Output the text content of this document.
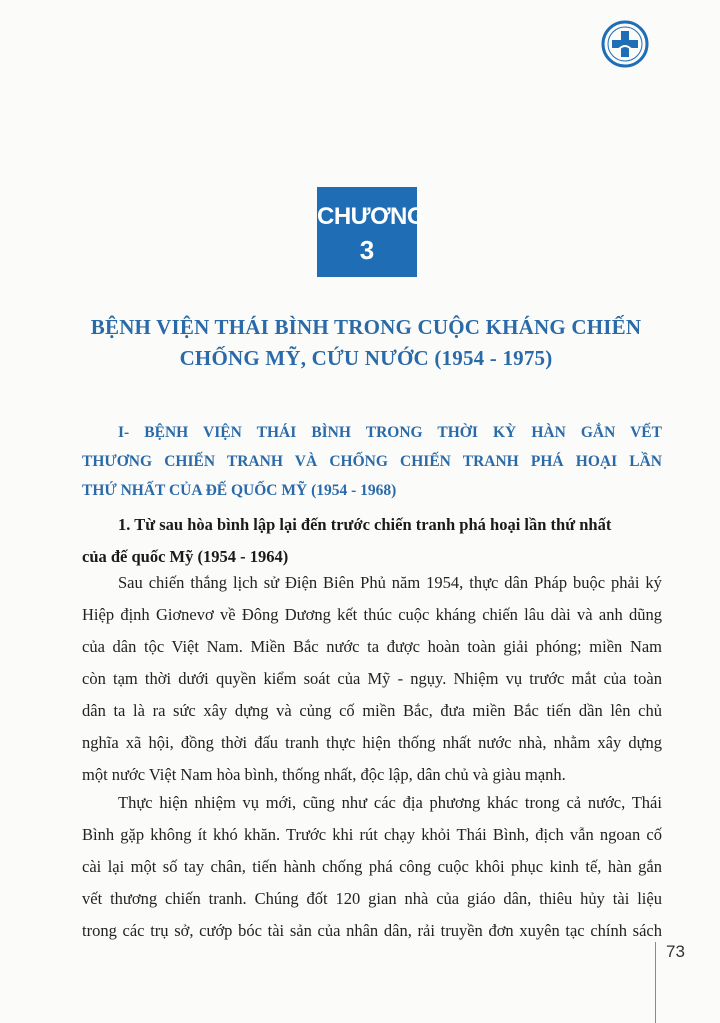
CHƯƠNG
3
BỆNH VIỆN THÁI BÌNH TRONG CUỘC KHÁNG CHIẾN
CHỐNG MỸ, CỨU NƯỚC (1954 - 1975)
I- BỆNH VIỆN THÁI BÌNH TRONG THỜI KỲ HÀN GẮN VẾT
THƯƠNG CHIẾN TRANH VÀ CHỐNG CHIẾN TRANH PHÁ HOẠI LẦN
THỨ NHẤT CỦA ĐẾ QUỐC MỸ (1954 - 1968)
1. Từ sau hòa bình lập lại đến trước chiến tranh phá hoại lần thứ nhất
của đế quốc Mỹ (1954 - 1964)
Sau chiến thắng lịch sử Điện Biên Phủ năm 1954, thực dân Pháp buộc phải ký
Hiệp định Giơnevơ về Đông Dương kết thúc cuộc kháng chiến lâu dài và anh dũng
của dân tộc Việt Nam. Miền Bắc nước ta được hoàn toàn giải phóng; miền Nam
còn tạm thời dưới quyền kiểm soát của Mỹ - ngụy. Nhiệm vụ trước mắt của toàn
dân ta là ra sức xây dựng và củng cố miền Bắc, đưa miền Bắc tiến dần lên chủ
nghĩa xã hội, đồng thời đấu tranh thực hiện thống nhất nước nhà, nhằm xây dựng
một nước Việt Nam hòa bình, thống nhất, độc lập, dân chủ và giàu mạnh.
Thực hiện nhiệm vụ mới, cũng như các địa phương khác trong cả nước, Thái
Bình gặp không ít khó khăn. Trước khi rút chạy khỏi Thái Bình, địch vẫn ngoan cố
cài lại một số tay chân, tiến hành chống phá công cuộc khôi phục kinh tế, hàn gắn
vết thương chiến tranh. Chúng đốt 120 gian nhà của giáo dân, thiêu hủy tài liệu
trong các trụ sở, cướp bóc tài sản của nhân dân, rải truyền đơn xuyên tạc chính sách
73
